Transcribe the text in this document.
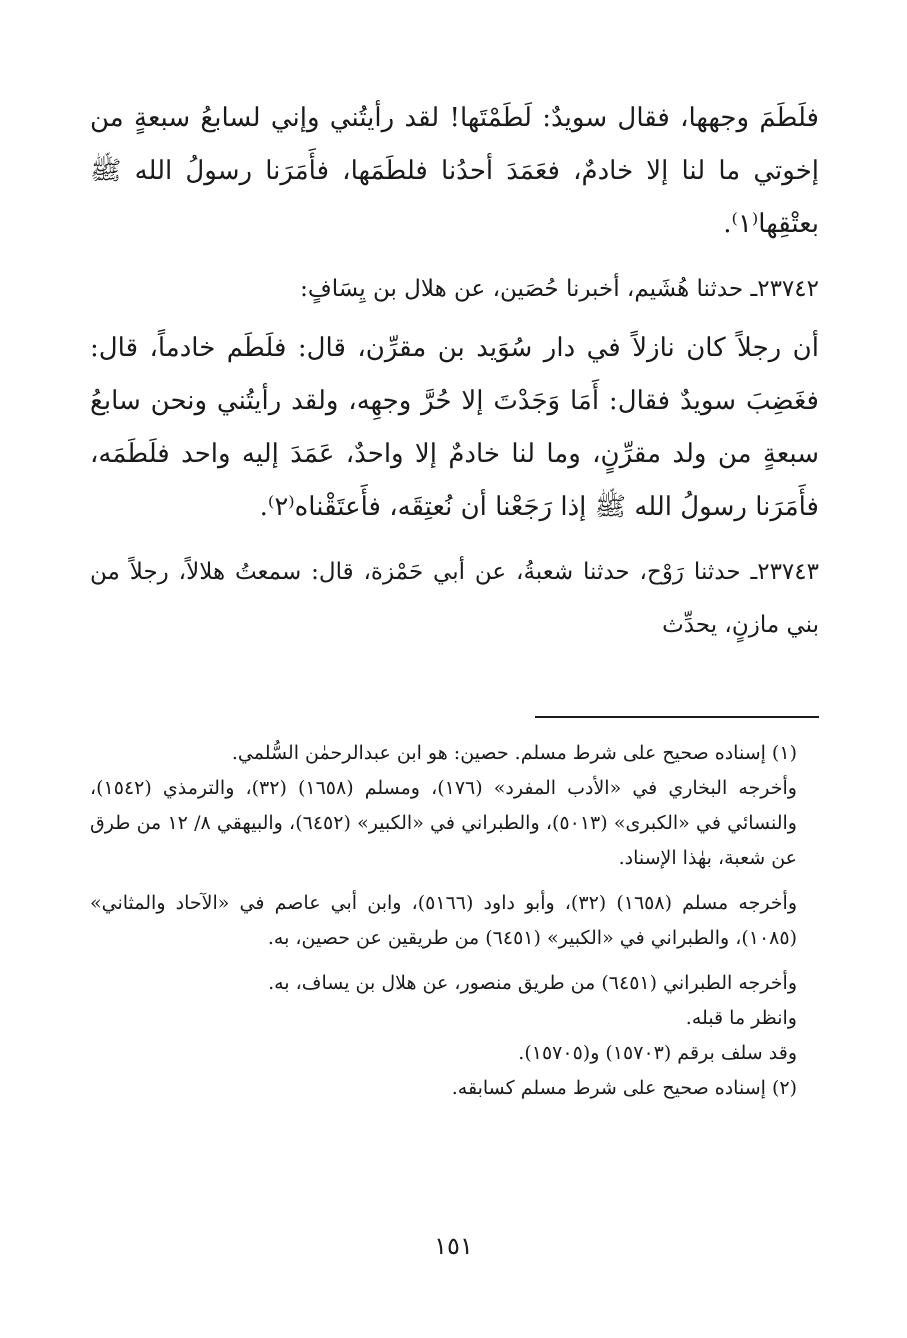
فلَطَمَ وجهها، فقال سويدٌ: لَطَمْتَها! لقد رأيتُني وإني لسابعُ سبعةٍ من إخوتي ما لنا إلا خادمٌ، فعَمَدَ أحدُنا فلطَمَها، فأَمَرَنا رسولُ الله ﷺ بعتْقِها⁽١⁾.

٢٣٧٤٢ـ حدثنا هُشَيم، أخبرنا حُصَين، عن هلال بن يِسَافٍ:

أن رجلاً كان نازلاً في دار سُوَيد بن مقرِّن، قال: فلَطَم خادماً، قال: فغَضِبَ سويدٌ فقال: أَمَا وَجَدْتَ إلا حُرَّ وجهِه، ولقد رأيتُني ونحن سابعُ سبعةٍ من ولد مقرِّنٍ، وما لنا خادمٌ إلا واحدٌ، عَمَدَ إليه واحد فلَطَمَه، فأَمَرَنا رسولُ الله ﷺ إذا رَجَعْنا أن نُعتِقَه، فأَعتَقْناه⁽٢⁾.

٢٣٧٤٣ـ حدثنا رَوْح، حدثنا شعبةُ، عن أبي حَمْزة، قال: سمعتُ هلالاً، رجلاً من بني مازنٍ، يحدِّث

(١) إسناده صحيح على شرط مسلم. حصين: هو ابن عبدالرحمٰن السُّلمي.

وأخرجه البخاري في «الأدب المفرد» (١٧٦)، ومسلم (١٦٥٨) (٣٢)، والترمذي (١٥٤٢)، والنسائي في «الكبرى» (٥٠١٣)، والطبراني في «الكبير» (٦٤٥٢)، والبيهقي ٨/ ١٢ من طرق عن شعبة، بهٰذا الإسناد.

وأخرجه مسلم (١٦٥٨) (٣٢)، وأبو داود (٥١٦٦)، وابن أبي عاصم في «الآحاد والمثاني» (١٠٨٥)، والطبراني في «الكبير» (٦٤٥١) من طريقين عن حصين، به.

وأخرجه الطبراني (٦٤٥١) من طريق منصور، عن هلال بن يساف، به.

وانظر ما قبله.

وقد سلف برقم (١٥٧٠٣) و(١٥٧٠٥).

(٢) إسناده صحيح على شرط مسلم كسابقه.

١٥١
